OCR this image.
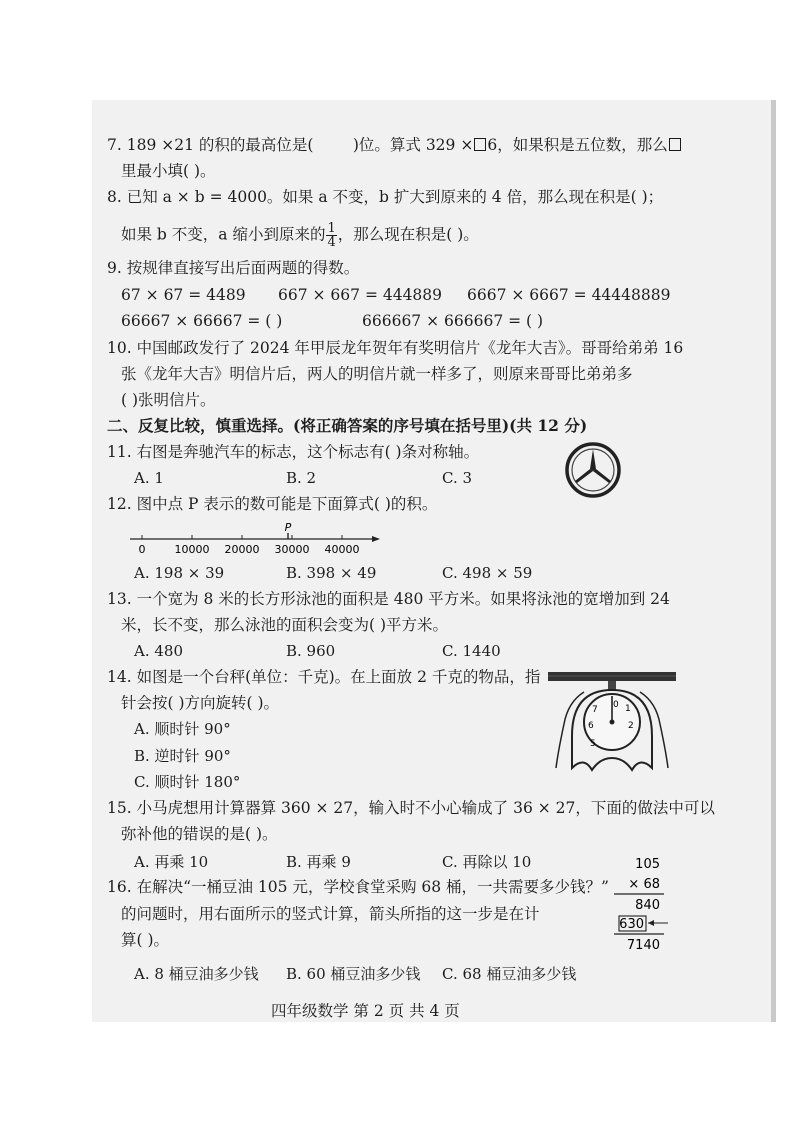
7. 189 ×21 的积的最高位是(	)位。算式 329 × 6，如果积是五位数，那么
里最小填( )。
8. 已知 a × b = 4000。如果 a 不变，b 扩大到原来的 4 倍，那么现在积是( )；
如果 b 不变，a 缩小到原来的 $\frac{1}{4}$ ，那么现在积是( )。
9. 按规律直接写出后面两题的得数。
67 × 67 = 4489 667 × 667 = 444889 6667 × 6667 = 44448889
66667 × 66667 = ( )	666667 × 666667 = ( )
10. 中国邮政发行了 2024 年甲辰龙年贺年有奖明信片《龙年大吉》。哥哥给弟弟 16
张《龙年大吉》明信片后，两人的明信片就一样多了，则原来哥哥比弟弟多
( )张明信片。
二、反复比较，慎重选择。(将正确答案的序号填在括号里)(共 12 分)
11. 右图是奔驰汽车的标志，这个标志有( )条对称轴。
A. 1	B. 2	C. 3
12. 图中点 P 表示的数可能是下面算式( )的积。
0	10000 20000 30000 40000
P
A. 198 × 39	B. 398 × 49	C. 498 × 59
13. 一个宽为 8 米的长方形泳池的面积是 480 平方米。如果将泳池的宽增加到 24
米，长不变，那么泳池的面积会变为( )平方米。
A. 480	B. 960	C. 1440
14. 如图是一个台秤(单位：千克)。在上面放 2 千克的物品，指
针会按( )方向旋转( )。
A. 顺时针 90°
B. 逆时针 90°
C. 顺时针 180°
0 1
2
5
6
7
15. 小马虎想用计算器算 360 × 27，输入时不小心输成了 36 × 27，下面的做法中可以
弥补他的错误的是( )。
A. 再乘 10	B. 再乘 9	C. 再除以 10
16. 在解决“一桶豆油 105 元，学校食堂采购 68 桶，一共需要多少钱？”
的问题时，用右面所示的竖式计算，箭头所指的这一步是在计
算( )。
A. 8 桶豆油多少钱 B. 60 桶豆油多少钱 C. 68 桶豆油多少钱
105
× 68
840
630
7140
四年级数学 第 2 页 共 4 页
